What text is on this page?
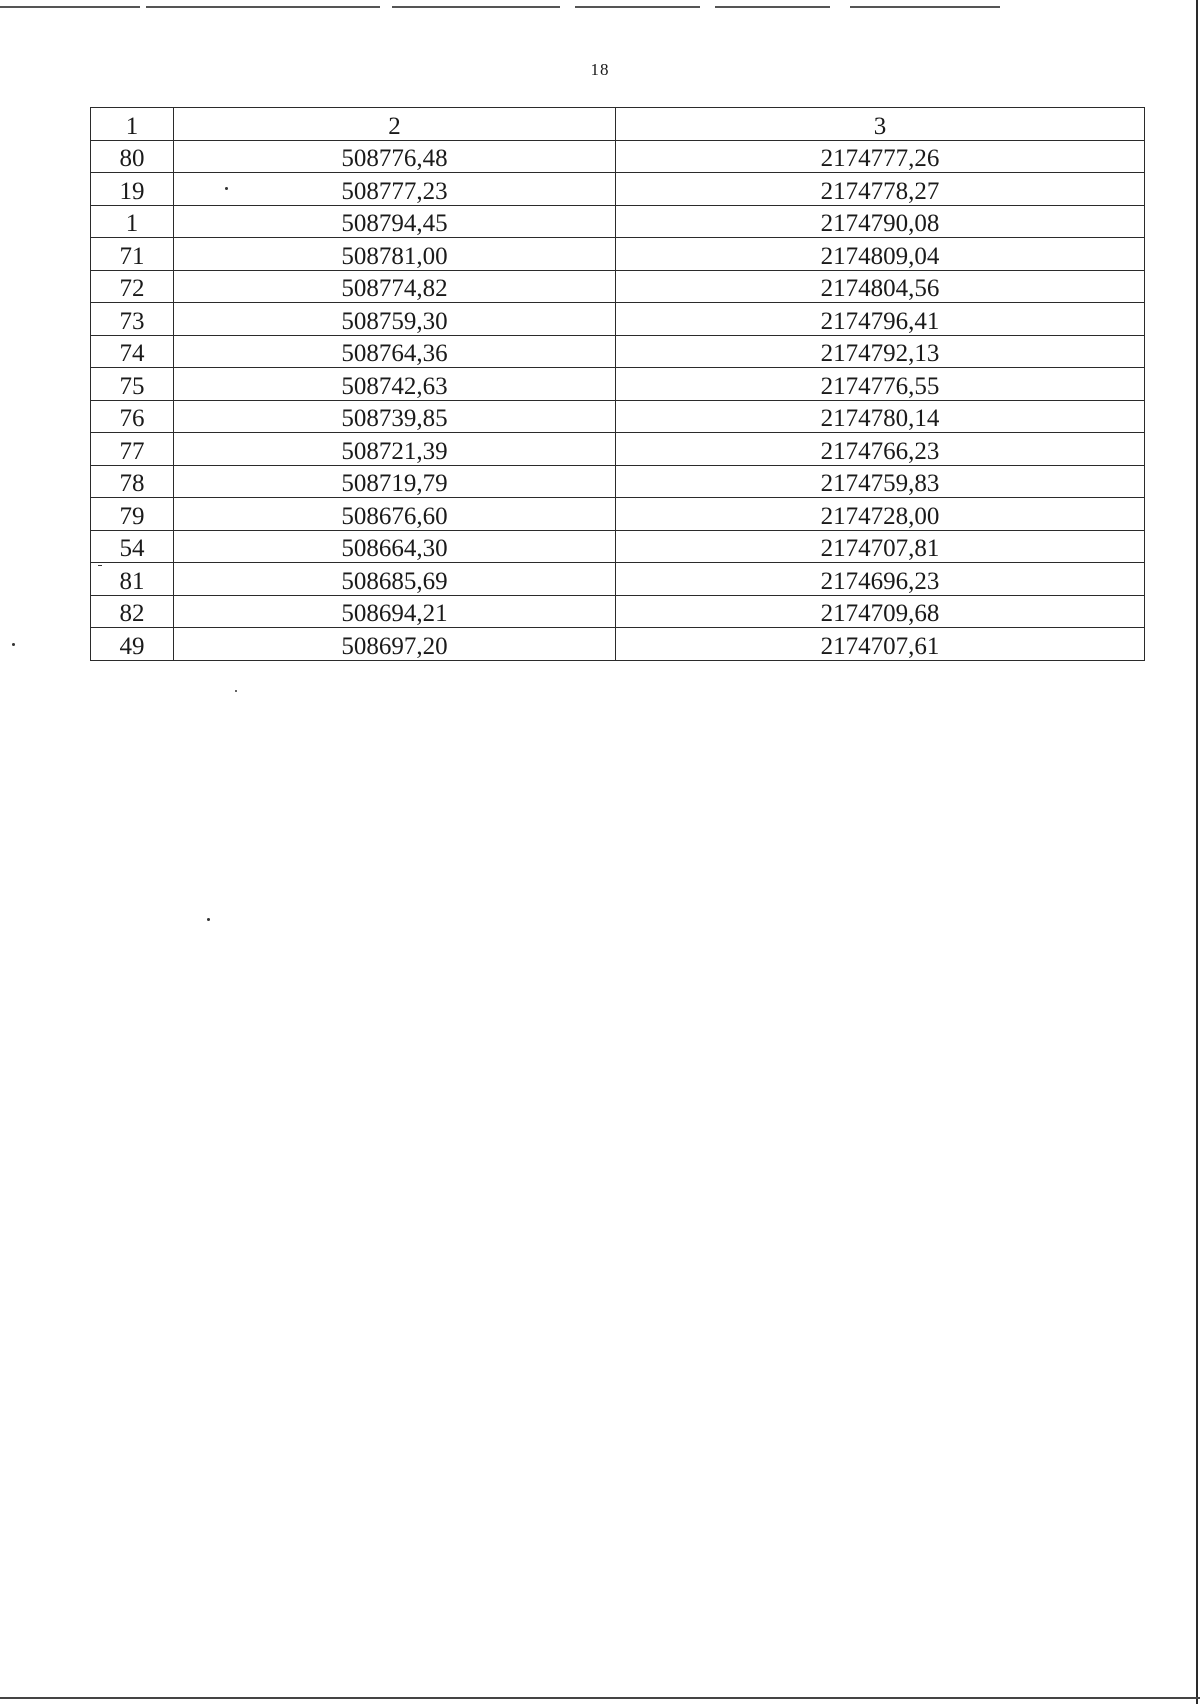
18
1	2	3
80	508776,48	2174777,26
19	508777,23	2174778,27
1	508794,45	2174790,08
71	508781,00	2174809,04
72	508774,82	2174804,56
73	508759,30	2174796,41
74	508764,36	2174792,13
75	508742,63	2174776,55
76	508739,85	2174780,14
77	508721,39	2174766,23
78	508719,79	2174759,83
79	508676,60	2174728,00
54	508664,30	2174707,81
81	508685,69	2174696,23
82	508694,21	2174709,68
49	508697,20	2174707,61
